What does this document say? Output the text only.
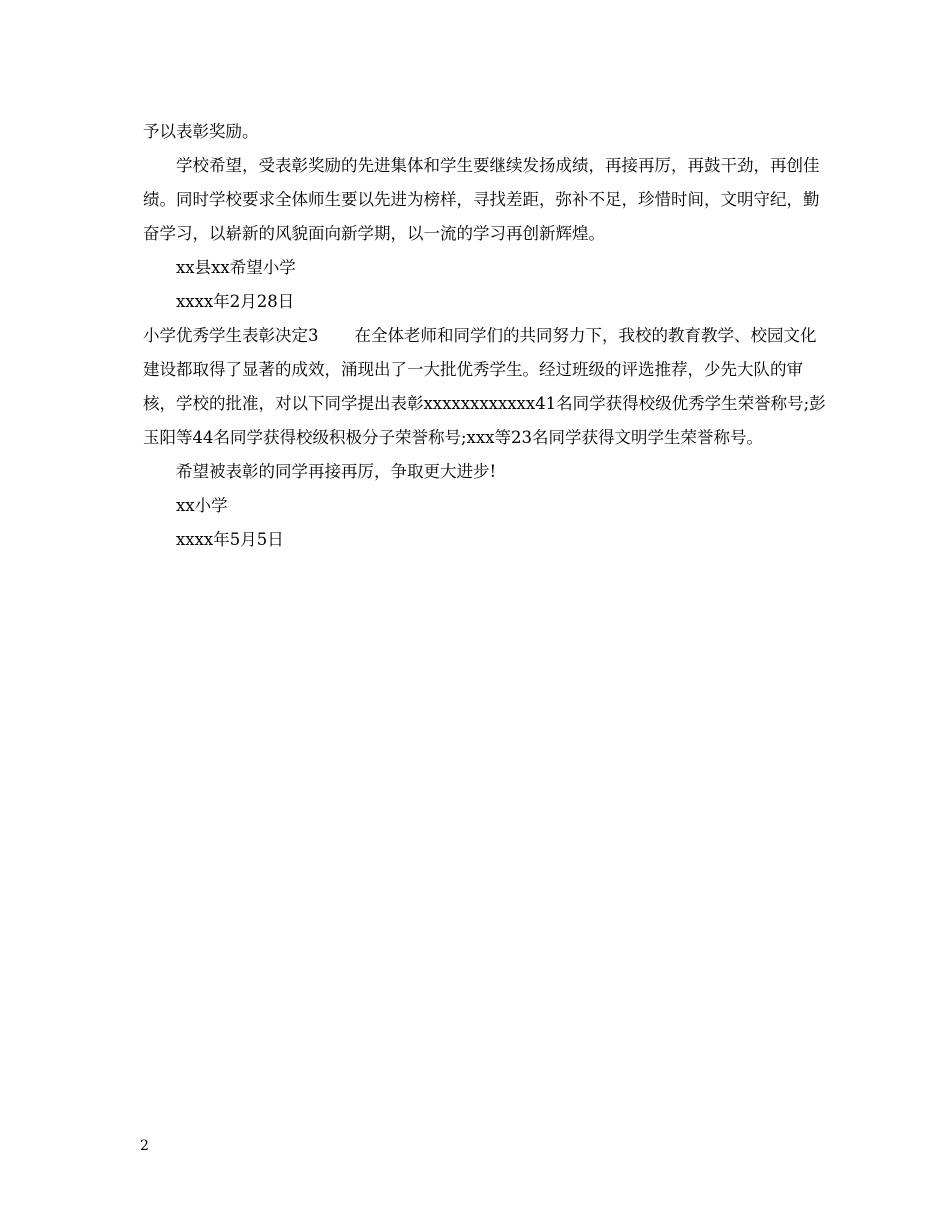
予以表彰奖励。

学校希望，受表彰奖励的先进集体和学生要继续发扬成绩，再接再厉，再鼓干劲，再创佳绩。同时学校要求全体师生要以先进为榜样，寻找差距，弥补不足，珍惜时间，文明守纪，勤奋学习，以崭新的风貌面向新学期，以一流的学习再创新辉煌。

xx县xx希望小学

xxxx年2月28日

小学优秀学生表彰决定3 在全体老师和同学们的共同努力下，我校的教育教学、校园文化建设都取得了显著的成效，涌现出了一大批优秀学生。经过班级的评选推荐，少先大队的审核，学校的批准，对以下同学提出表彰xxxxxxxxxxxx41名同学获得校级优秀学生荣誉称号;彭玉阳等44名同学获得校级积极分子荣誉称号;xxx等23名同学获得文明学生荣誉称号。

希望被表彰的同学再接再厉，争取更大进步!

xx小学

xxxx年5月5日

2
